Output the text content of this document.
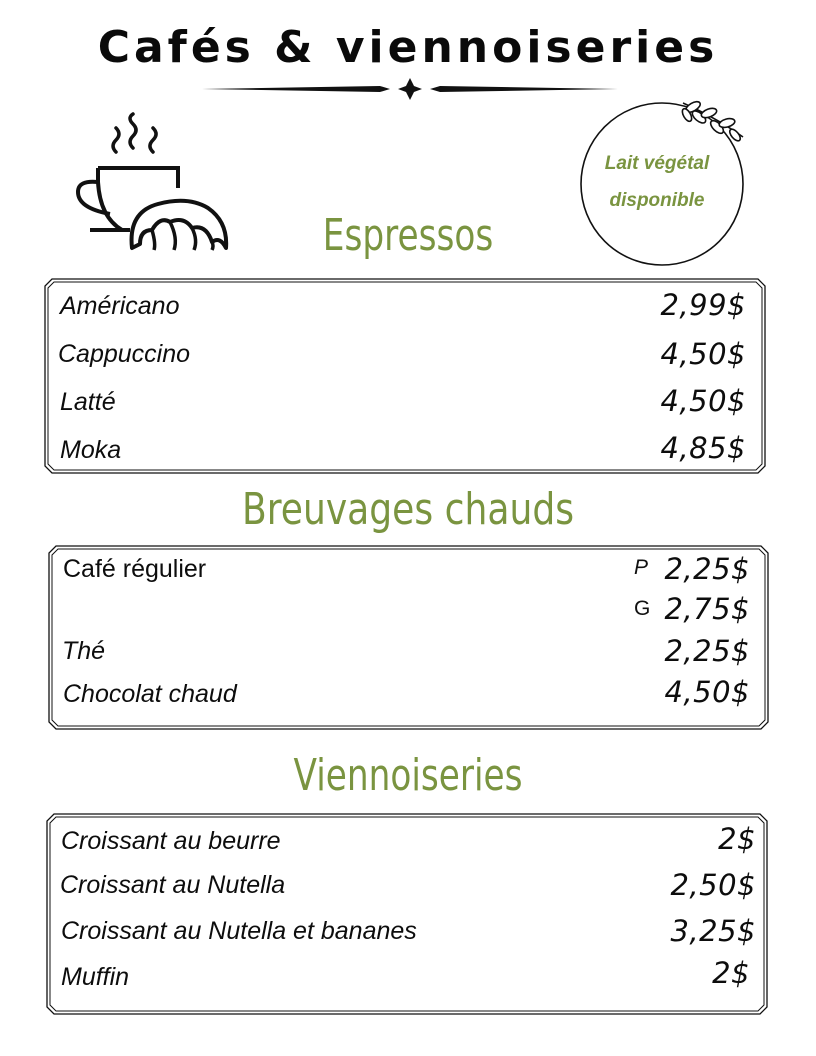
Cafés & viennoiseries
Lait végétal
disponible
Espressos
Américano	2,99$
Cappuccino	4,50$
Latté	4,50$
Moka	4,85$
Breuvages chauds
Café régulier	P 2,25$
G 2,75$
Thé	2,25$
Chocolat chaud	4,50$
Viennoiseries
Croissant au beurre	2$
Croissant au Nutella	2,50$
Croissant au Nutella et bananes	3,25$
Muffin	2$
